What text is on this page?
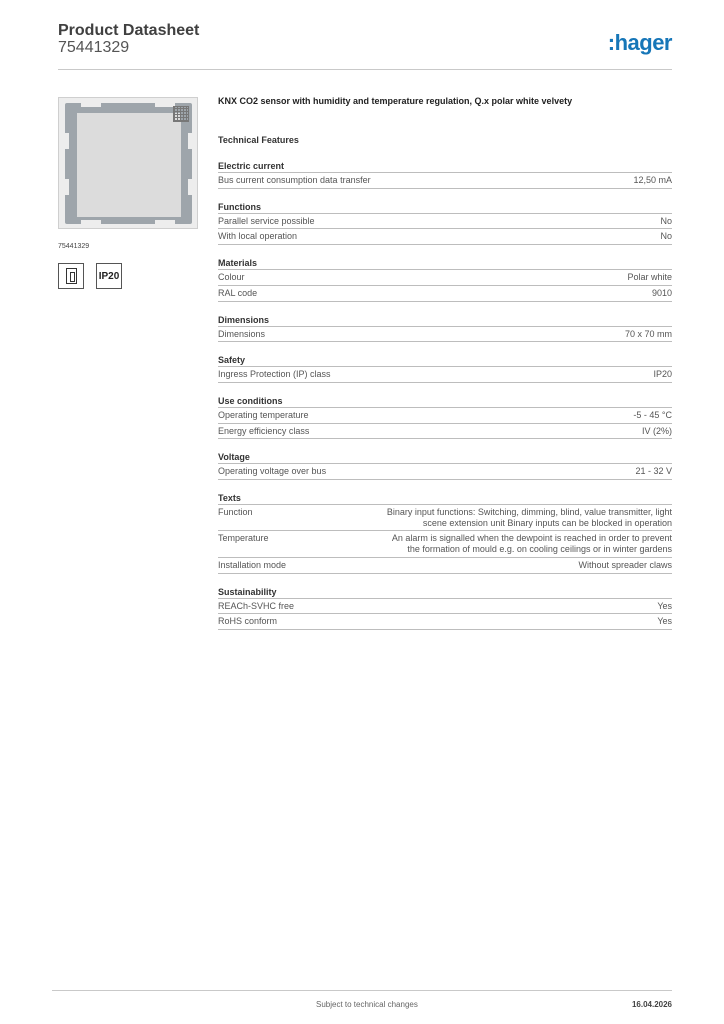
Product Datasheet
75441329	:hager
75441329
IP20
KNX CO2 sensor with humidity and temperature regulation, Q.x polar white velvety
Technical Features
Electric current
Bus current consumption data transfer	12,50 mA
Functions
Parallel service possible	No
With local operation	No
Materials
Colour	Polar white
RAL code	9010
Dimensions
Dimensions	70 x 70 mm
Safety
Ingress Protection (IP) class	IP20
Use conditions
Operating temperature	-5 - 45 °C
Energy efficiency class	IV (2%)
Voltage
Operating voltage over bus	21 - 32 V
Texts
Function	Binary input functions: Switching, dimming, blind, value transmitter, light scene extension unit Binary inputs can be blocked in operation
Temperature	An alarm is signalled when the dewpoint is reached in order to prevent the formation of mould e.g. on cooling ceilings or in winter gardens
Installation mode	Without spreader claws
Sustainability
REACh-SVHC free	Yes
RoHS conform	Yes
Subject to technical changes	16.04.2026
